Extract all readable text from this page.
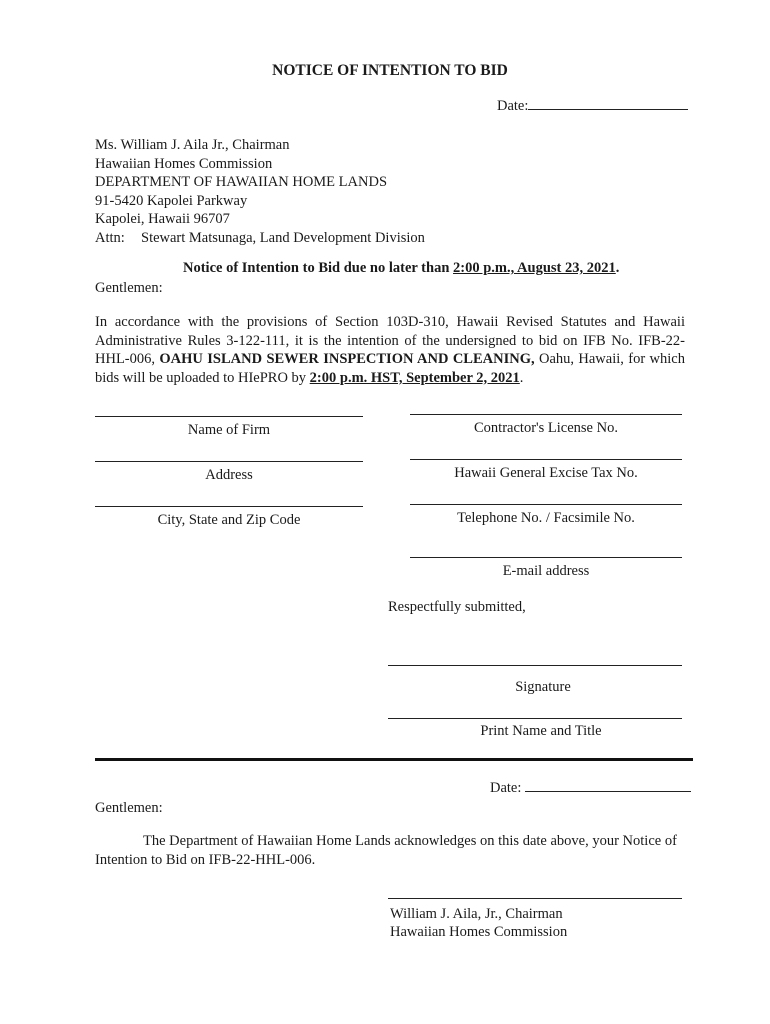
NOTICE OF INTENTION TO BID
Date:
Ms. William J. Aila Jr., Chairman
Hawaiian Homes Commission
DEPARTMENT OF HAWAIIAN HOME LANDS
91-5420 Kapolei Parkway
Kapolei, Hawaii 96707
Attn: Stewart Matsunaga, Land Development Division
Notice of Intention to Bid due no later than 2:00 p.m., August 23, 2021.
Gentlemen:
In accordance with the provisions of Section 103D-310, Hawaii Revised Statutes and Hawaii Administrative Rules 3-122-111, it is the intention of the undersigned to bid on IFB No. IFB-22-HHL-006, OAHU ISLAND SEWER INSPECTION AND CLEANING, Oahu, Hawaii, for which bids will be uploaded to HIePRO by 2:00 p.m. HST, September 2, 2021.
Name of Firm
Address
City, State and Zip Code
Contractor's License No.
Hawaii General Excise Tax No.
Telephone No. / Facsimile No.
E-mail address
Respectfully submitted,
Signature
Print Name and Title
Date:
Gentlemen:
The Department of Hawaiian Home Lands acknowledges on this date above, your Notice of Intention to Bid on IFB-22-HHL-006.
William J. Aila, Jr., Chairman
Hawaiian Homes Commission
